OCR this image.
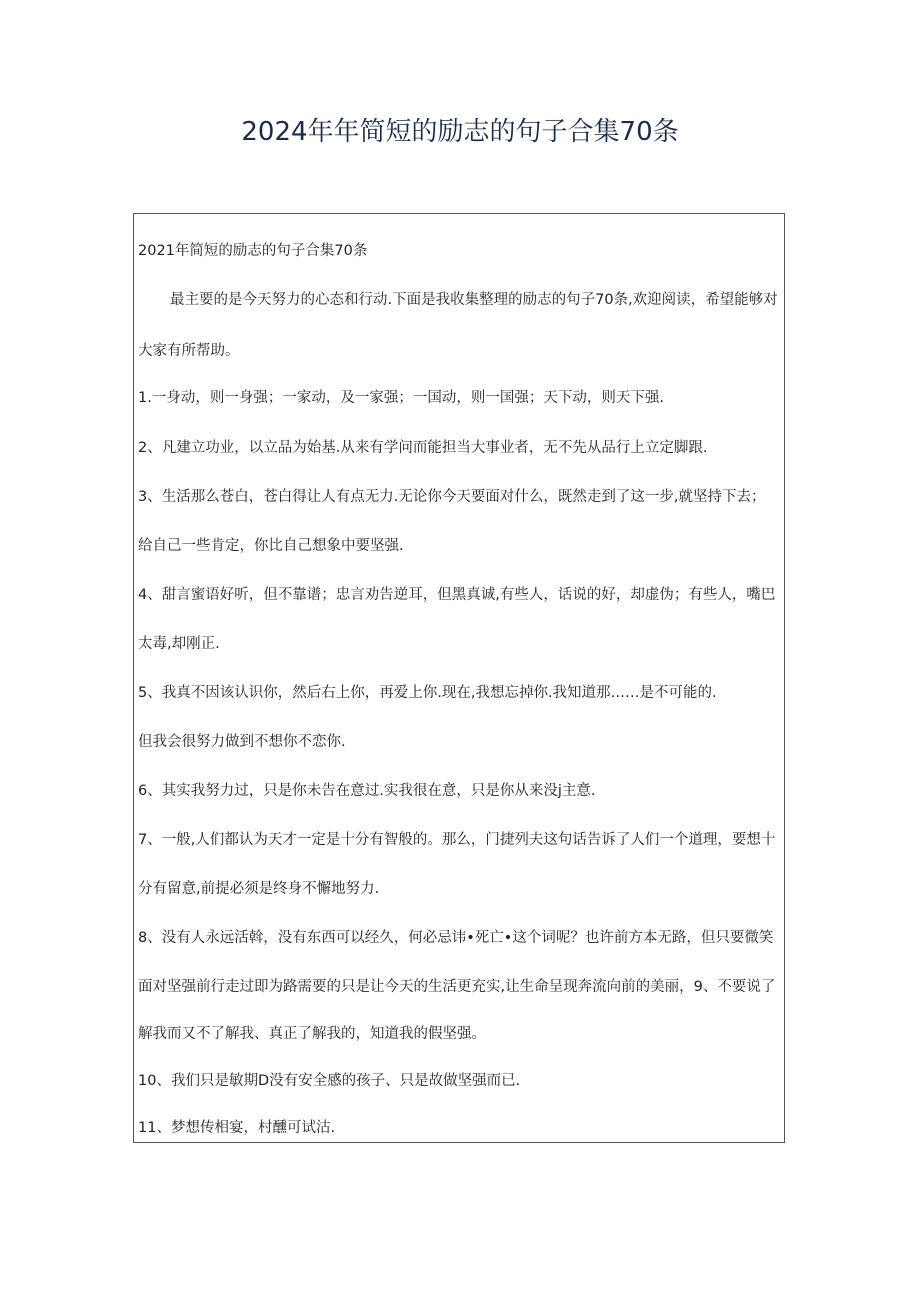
2024年年简短的励志的句子合集70条
2021年简短的励志的句子合集70条
最主要的是今天努力的心态和行动.下面是我收集整理的励志的句子70条,欢迎阅读，希望能够对
大家有所帮助。
1.一身动，则一身强；一家动，及一家强；一国动，则一国强；天下动，则天下强.
2、凡建立功业，以立品为始基.从来有学问而能担当大事业者，无不先从品行上立定脚跟.
3、生活那么苍白，苍白得让人有点无力.无论你今天要面对什么，既然走到了这一步,就坚持下去；
给自己一些肯定，你比自己想象中要坚强.
4、甜言蜜语好听，但不靠谱；忠言劝告逆耳，但黑真诚,有些人，话说的好，却虚伪；有些人，嘴巴
太毒,却刚正.
5、我真不因该认识你，然后右上你，再爱上你.现在,我想忘掉你.我知道那……是不可能的.
但我会很努力做到不想你不恋你.
6、其实我努力过，只是你未告在意过.实我很在意，只是你从来没j主意.
7、一般,人们都认为天才一定是十分有智般的。那么，门捷列夫这句话告诉了人们一个道理，要想十
分有留意,前提必须是终身不懈地努力.
8、没有人永远活斡，没有东西可以经久，何必忌讳•死亡•这个词呢？也许前方本无路，但只要微笑
面对坚强前行走过即为路需要的只是让今天的生活更充实,让生命呈现奔流向前的美丽，9、不要说了
解我而又不了解我、真正了解我的，知道我的假坚强。
10、我们只是敏期D没有安全感的孩子、只是故做坚强而已.
11、梦想传相宴，村醺可试沽.
